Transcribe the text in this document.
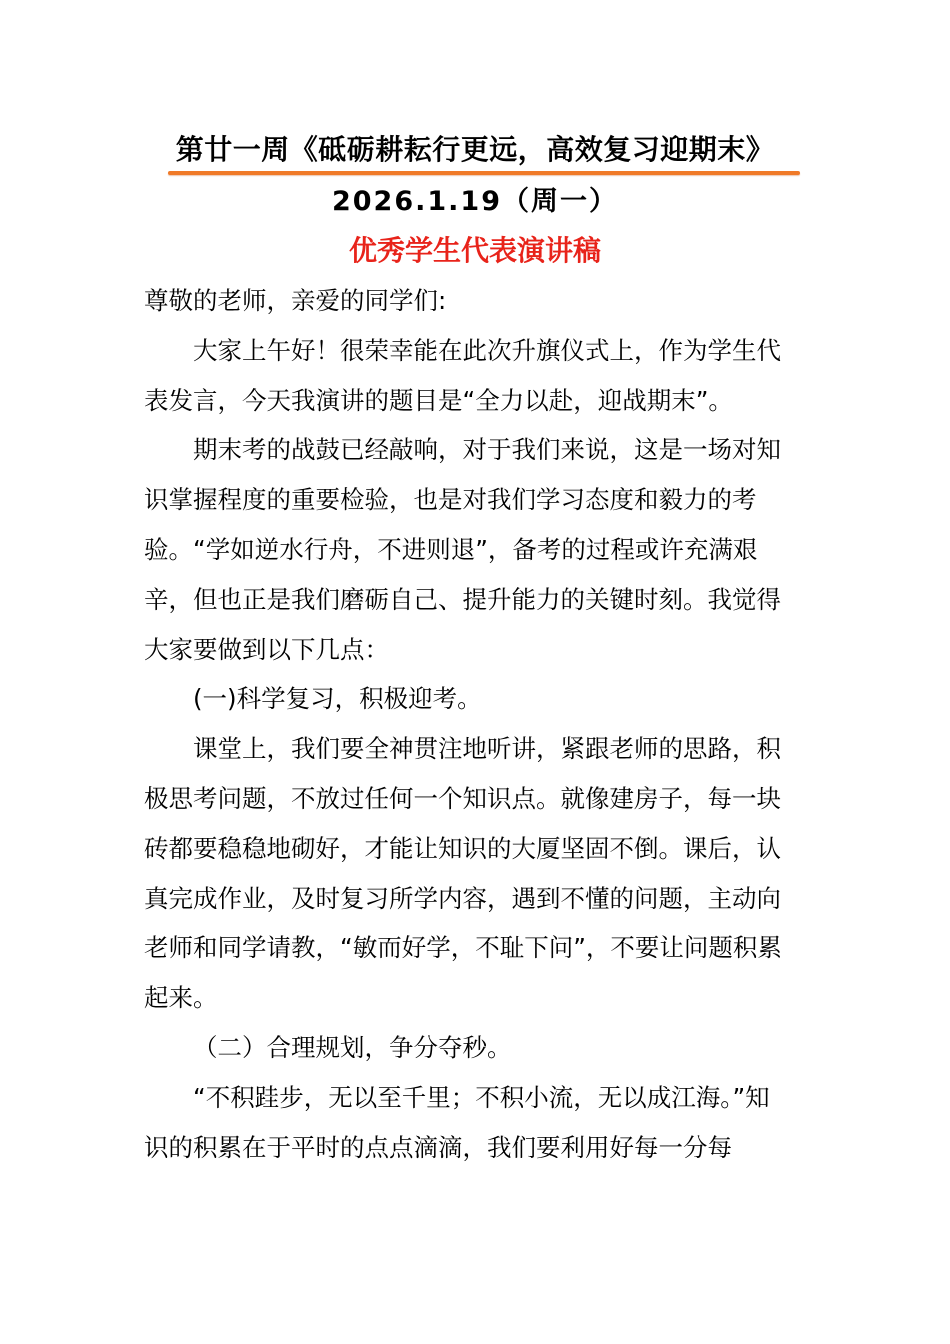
第廿一周《砥砺耕耘行更远，高效复习迎期末》
2026.1.19（周一）
优秀学生代表演讲稿

尊敬的老师，亲爱的同学们:

大家上午好！很荣幸能在此次升旗仪式上，作为学生代表发言，今天我演讲的题目是“全力以赴，迎战期末”。

期末考的战鼓已经敲响，对于我们来说，这是一场对知识掌握程度的重要检验，也是对我们学习态度和毅力的考验。“学如逆水行舟，不进则退”，备考的过程或许充满艰辛，但也正是我们磨砺自己、提升能力的关键时刻。我觉得大家要做到以下几点：

(一)科学复习，积极迎考。

课堂上，我们要全神贯注地听讲，紧跟老师的思路，积极思考问题，不放过任何一个知识点。就像建房子，每一块砖都要稳稳地砌好，才能让知识的大厦坚固不倒。课后，认真完成作业，及时复习所学内容，遇到不懂的问题，主动向老师和同学请教，“敏而好学，不耻下问”，不要让问题积累起来。

（二）合理规划，争分夺秒。

“不积跬步，无以至千里；不积小流，无以成江海。”知识的积累在于平时的点点滴滴，我们要利用好每一分每
